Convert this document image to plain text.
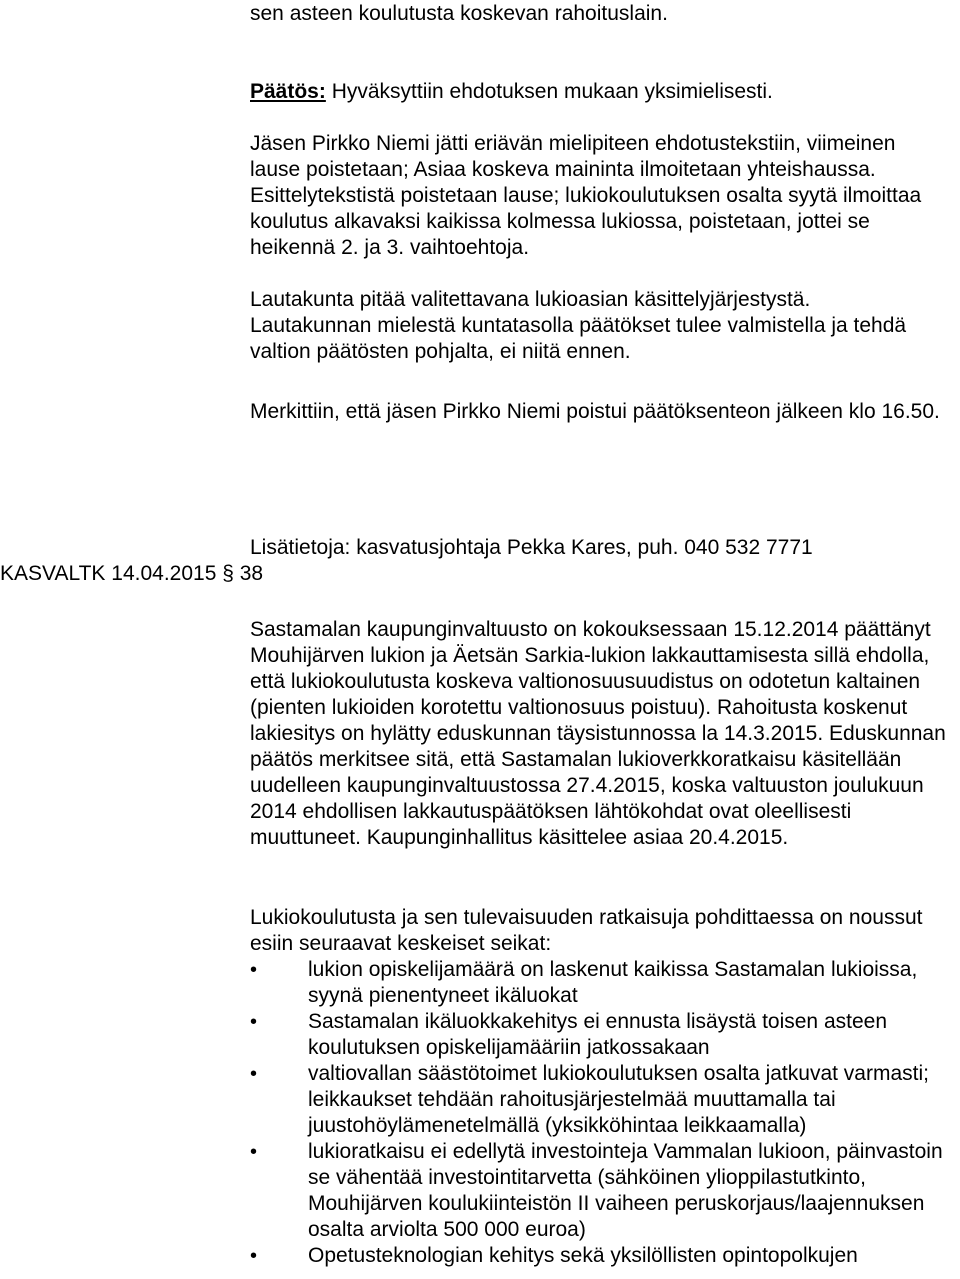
sen asteen koulutusta koskevan rahoituslain.

Päätös: Hyväksyttiin ehdotuksen mukaan yksimielisesti.

Jäsen Pirkko Niemi jätti eriävän mielipiteen ehdotustekstiin, viimeinen lause poistetaan; Asiaa koskeva maininta ilmoitetaan yhteishaussa. Esittelytekstistä poistetaan lause; lukiokoulutuksen osalta syytä ilmoittaa koulutus alkavaksi kaikissa kolmessa lukiossa, poistetaan, jottei se heikennä 2. ja 3. vaihtoehtoja.

Lautakunta pitää valitettavana lukioasian käsittelyjärjestystä. Lautakunnan mielestä kuntatasolla päätökset tulee valmistella ja tehdä valtion päätösten pohjalta, ei niitä ennen.

Merkittiin, että jäsen Pirkko Niemi poistui päätöksenteon jälkeen klo 16.50.

Lisätietoja: kasvatusjohtaja Pekka Kares, puh. 040 532 7771

KASVALTK 14.04.2015 § 38

Sastamalan kaupunginvaltuusto on kokouksessaan 15.12.2014 päättänyt Mouhijärven lukion ja Äetsän Sarkia-lukion lakkauttamisesta sillä ehdolla, että lukiokoulutusta koskeva valtionosuusuudistus on odotetun kaltainen (pienten lukioiden korotettu valtionosuus poistuu). Rahoitusta koskenut lakiesitys on hylätty eduskunnan täysistunnossa la 14.3.2015. Eduskunnan päätös merkitsee sitä, että Sastamalan lukioverkkoratkaisu käsitellään uudelleen kaupunginvaltuustossa 27.4.2015, koska valtuuston joulukuun 2014 ehdollisen lakkautuspäätöksen lähtökohdat ovat oleellisesti muuttuneet. Kaupunginhallitus käsittelee asiaa 20.4.2015.

Lukiokoulutusta ja sen tulevaisuuden ratkaisuja pohdittaessa on noussut esiin seuraavat keskeiset seikat:

•	lukion opiskelijamäärä on laskenut kaikissa Sastamalan lukioissa, syynä pienentyneet ikäluokat
•	Sastamalan ikäluokkakehitys ei ennusta lisäystä toisen asteen koulutuksen opiskelijamääriin jatkossakaan
•	valtiovallan säästötoimet lukiokoulutuksen osalta jatkuvat varmasti; leikkaukset tehdään rahoitusjärjestelmää muuttamalla tai juustohöylämenetelmällä (yksikköhintaa leikkaamalla)
•	lukioratkaisu ei edellytä investointeja Vammalan lukioon, päinvastoin se vähentää investointitarvetta (sähköinen ylioppilastutkinto, Mouhijärven koulukiinteistön II vaiheen peruskorjaus/laajennuksen osalta arviolta 500 000 euroa)
•	Opetusteknologian kehitys sekä yksilöllisten opintopolkujen
